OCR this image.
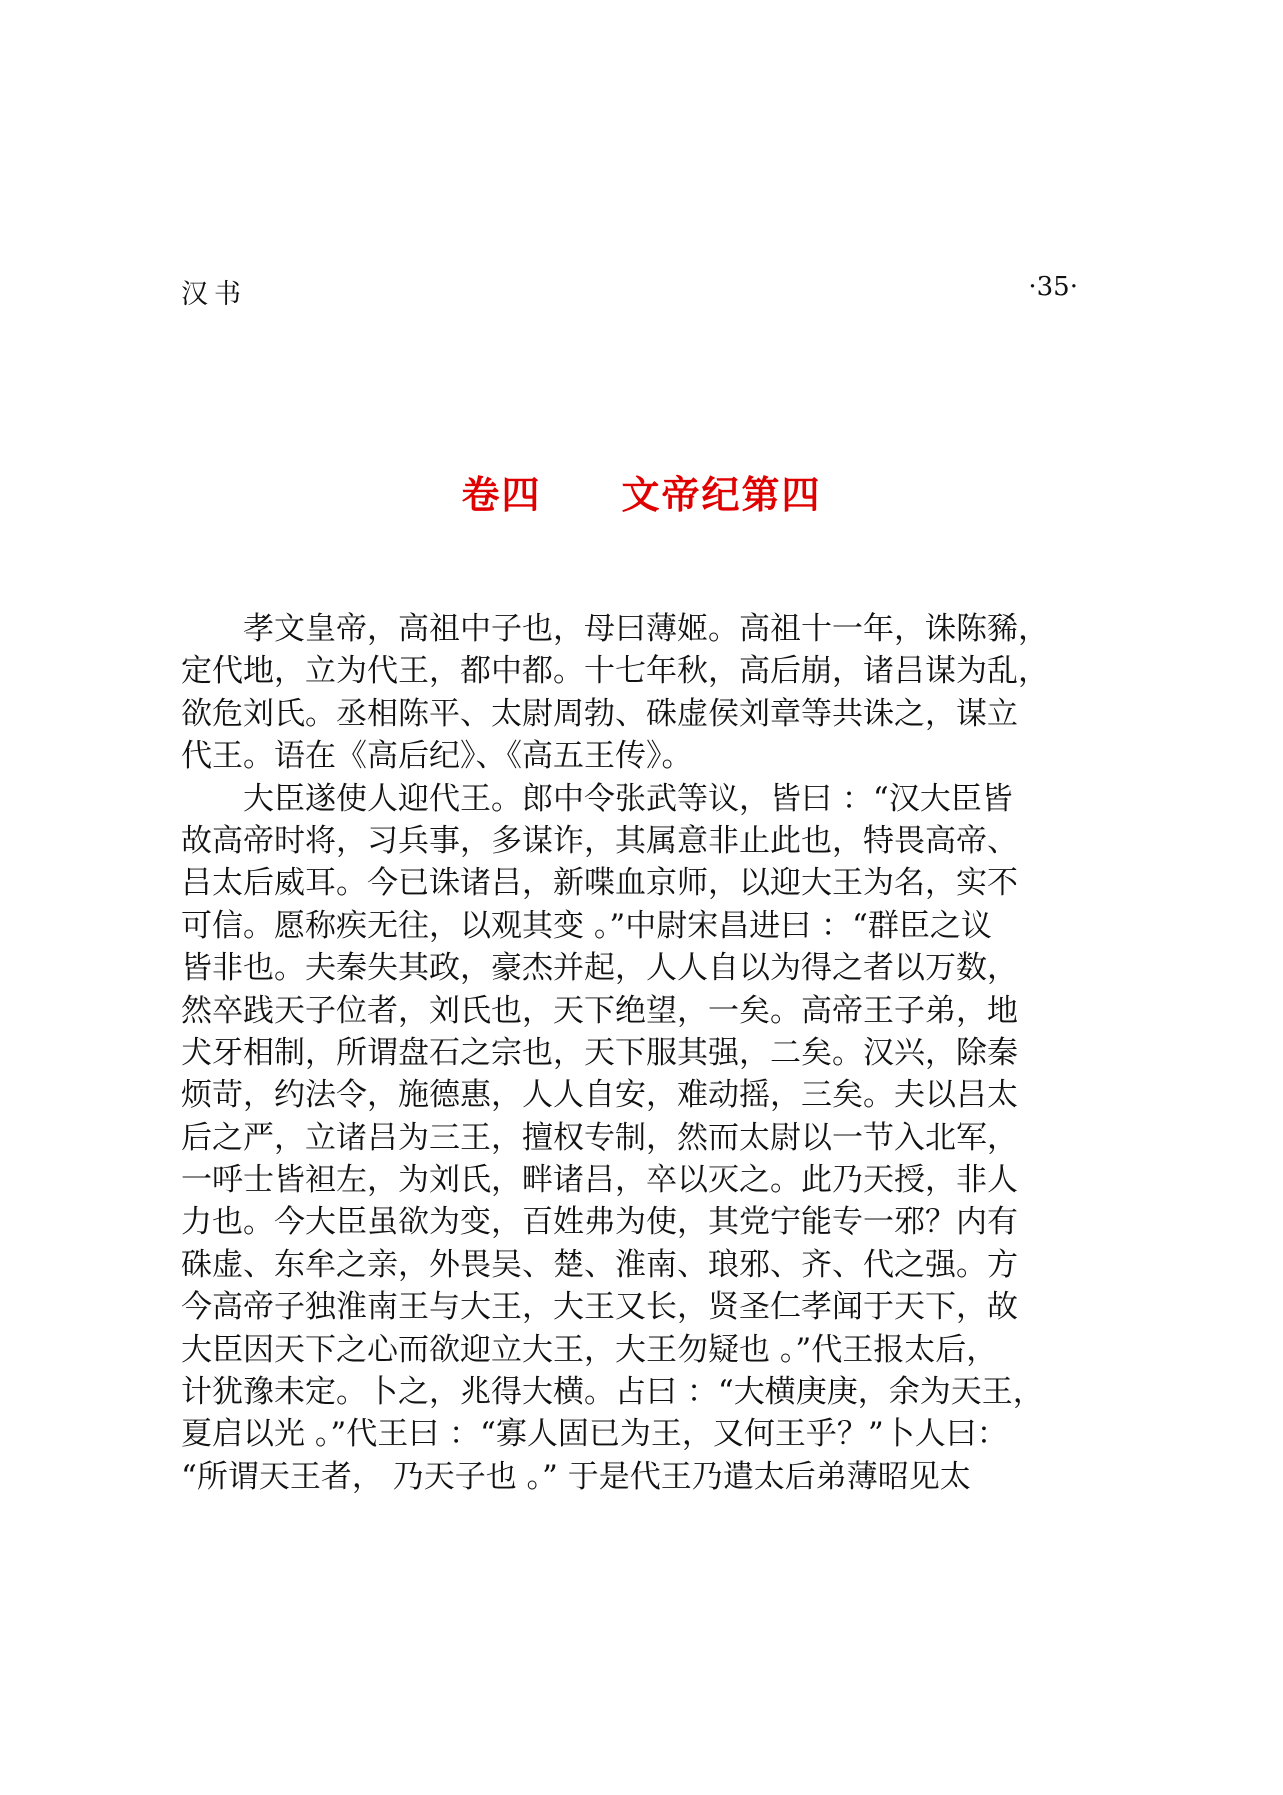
汉书	·35·
卷四 文帝纪第四
　　孝文皇帝，高祖中子也，母曰薄姬。高祖十一年，诛陈豨，
定代地，立为代王，都中都。十七年秋，高后崩，诸吕谋为乱，
欲危刘氏。丞相陈平、太尉周勃、硃虚侯刘章等共诛之，谋立
代王。语在《高后纪》、《高五王传》。
　　大臣遂使人迎代王。郎中令张武等议，皆曰 ：“汉大臣皆
故高帝时将，习兵事，多谋诈，其属意非止此也，特畏高帝、
吕太后威耳。今已诛诸吕，新喋血京师，以迎大王为名，实不
可信。愿称疾无往，以观其变 。”中尉宋昌进曰 ：“群臣之议
皆非也。夫秦失其政，豪杰并起，人人自以为得之者以万数，
然卒践天子位者，刘氏也，天下绝望，一矣。高帝王子弟，地
犬牙相制，所谓盘石之宗也，天下服其强，二矣。汉兴，除秦
烦苛，约法令，施德惠，人人自安，难动摇，三矣。夫以吕太
后之严，立诸吕为三王，擅权专制，然而太尉以一节入北军，
一呼士皆袒左，为刘氏，畔诸吕，卒以灭之。此乃天授，非人
力也。今大臣虽欲为变，百姓弗为使，其党宁能专一邪？内有
硃虚、东牟之亲，外畏吴、楚、淮南、琅邪、齐、代之强。方
今高帝子独淮南王与大王，大王又长，贤圣仁孝闻于天下，故
大臣因天下之心而欲迎立大王，大王勿疑也 。”代王报太后，
计犹豫未定。卜之，兆得大横。占曰 ：“大横庚庚，余为天王，
夏启以光 。”代王曰 ：“寡人固已为王，又何王乎？”卜人曰：
“所谓天王者， 乃天子也 。” 于是代王乃遣太后弟薄昭见太
